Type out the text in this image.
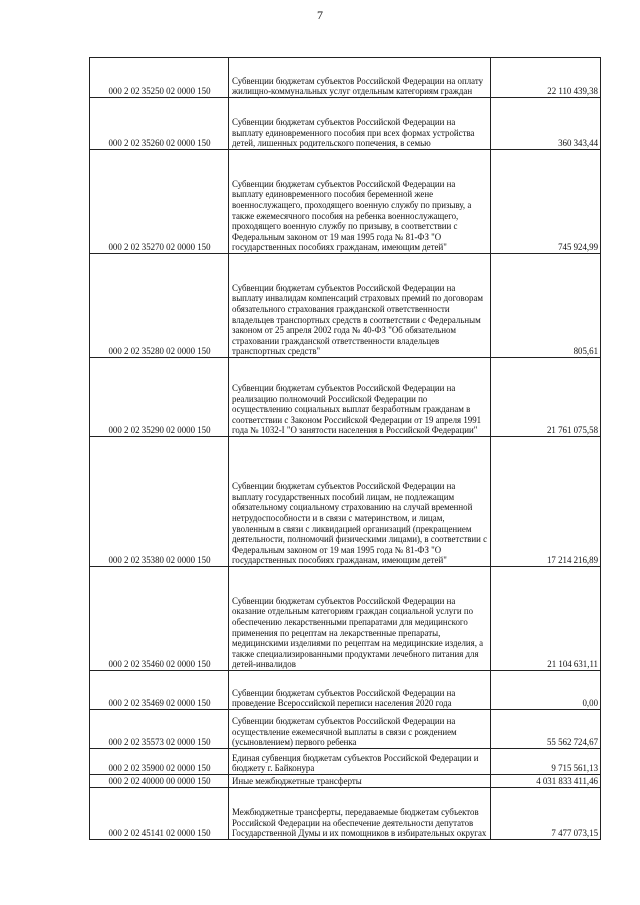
7
000 2 02 35250 02 0000 150	Субвенции бюджетам субъектов Российской Федерации на оплату жилищно-коммунальных услуг отдельным категориям граждан	22 110 439,38
000 2 02 35260 02 0000 150	Субвенции бюджетам субъектов Российской Федерации на выплату единовременного пособия при всех формах устройства детей, лишенных родительского попечения, в семью	360 343,44
000 2 02 35270 02 0000 150	Субвенции бюджетам субъектов Российской Федерации на выплату единовременного пособия беременной жене военнослужащего, проходящего военную службу по призыву, а также ежемесячного пособия на ребенка военнослужащего, проходящего военную службу по призыву, в соответствии с Федеральным законом от 19 мая 1995 года № 81-ФЗ "О государственных пособиях гражданам, имеющим детей"	745 924,99
000 2 02 35280 02 0000 150	Субвенции бюджетам субъектов Российской Федерации на выплату инвалидам компенсаций страховых премий по договорам обязательного страхования гражданской ответственности владельцев транспортных средств в соответствии с Федеральным законом от 25 апреля 2002 года № 40-ФЗ "Об обязательном страховании гражданской ответственности владельцев транспортных средств"	805,61
000 2 02 35290 02 0000 150	Субвенции бюджетам субъектов Российской Федерации на реализацию полномочий Российской Федерации по осуществлению социальных выплат безработным гражданам в соответствии с Законом Российской Федерации от 19 апреля 1991 года № 1032-I "О занятости населения в Российской Федерации"	21 761 075,58
000 2 02 35380 02 0000 150	Субвенции бюджетам субъектов Российской Федерации на выплату государственных пособий лицам, не подлежащим обязательному социальному страхованию на случай временной нетрудоспособности и в связи с материнством, и лицам, уволенным в связи с ликвидацией организаций (прекращением деятельности, полномочий физическими лицами), в соответствии с Федеральным законом от 19 мая 1995 года № 81-ФЗ "О государственных пособиях гражданам, имеющим детей"	17 214 216,89
000 2 02 35460 02 0000 150	Субвенции бюджетам субъектов Российской Федерации на оказание отдельным категориям граждан социальной услуги по обеспечению лекарственными препаратами для медицинского применения по рецептам на лекарственные препараты, медицинскими изделиями по рецептам на медицинские изделия, а также специализированными продуктами лечебного питания для детей-инвалидов	21 104 631,11
000 2 02 35469 02 0000 150	Субвенции бюджетам субъектов Российской Федерации на проведение Всероссийской переписи населения 2020 года	0,00
000 2 02 35573 02 0000 150	Субвенции бюджетам субъектов Российской Федерации на осуществление ежемесячной выплаты в связи с рождением (усыновлением) первого ребенка	55 562 724,67
000 2 02 35900 02 0000 150	Единая субвенция бюджетам субъектов Российской Федерации и бюджету г. Байконура	9 715 561,13
000 2 02 40000 00 0000 150	Иные межбюджетные трансферты	4 031 833 411,46
000 2 02 45141 02 0000 150	Межбюджетные трансферты, передаваемые бюджетам субъектов Российской Федерации на обеспечение деятельности депутатов Государственной Думы и их помощников в избирательных округах	7 477 073,15
